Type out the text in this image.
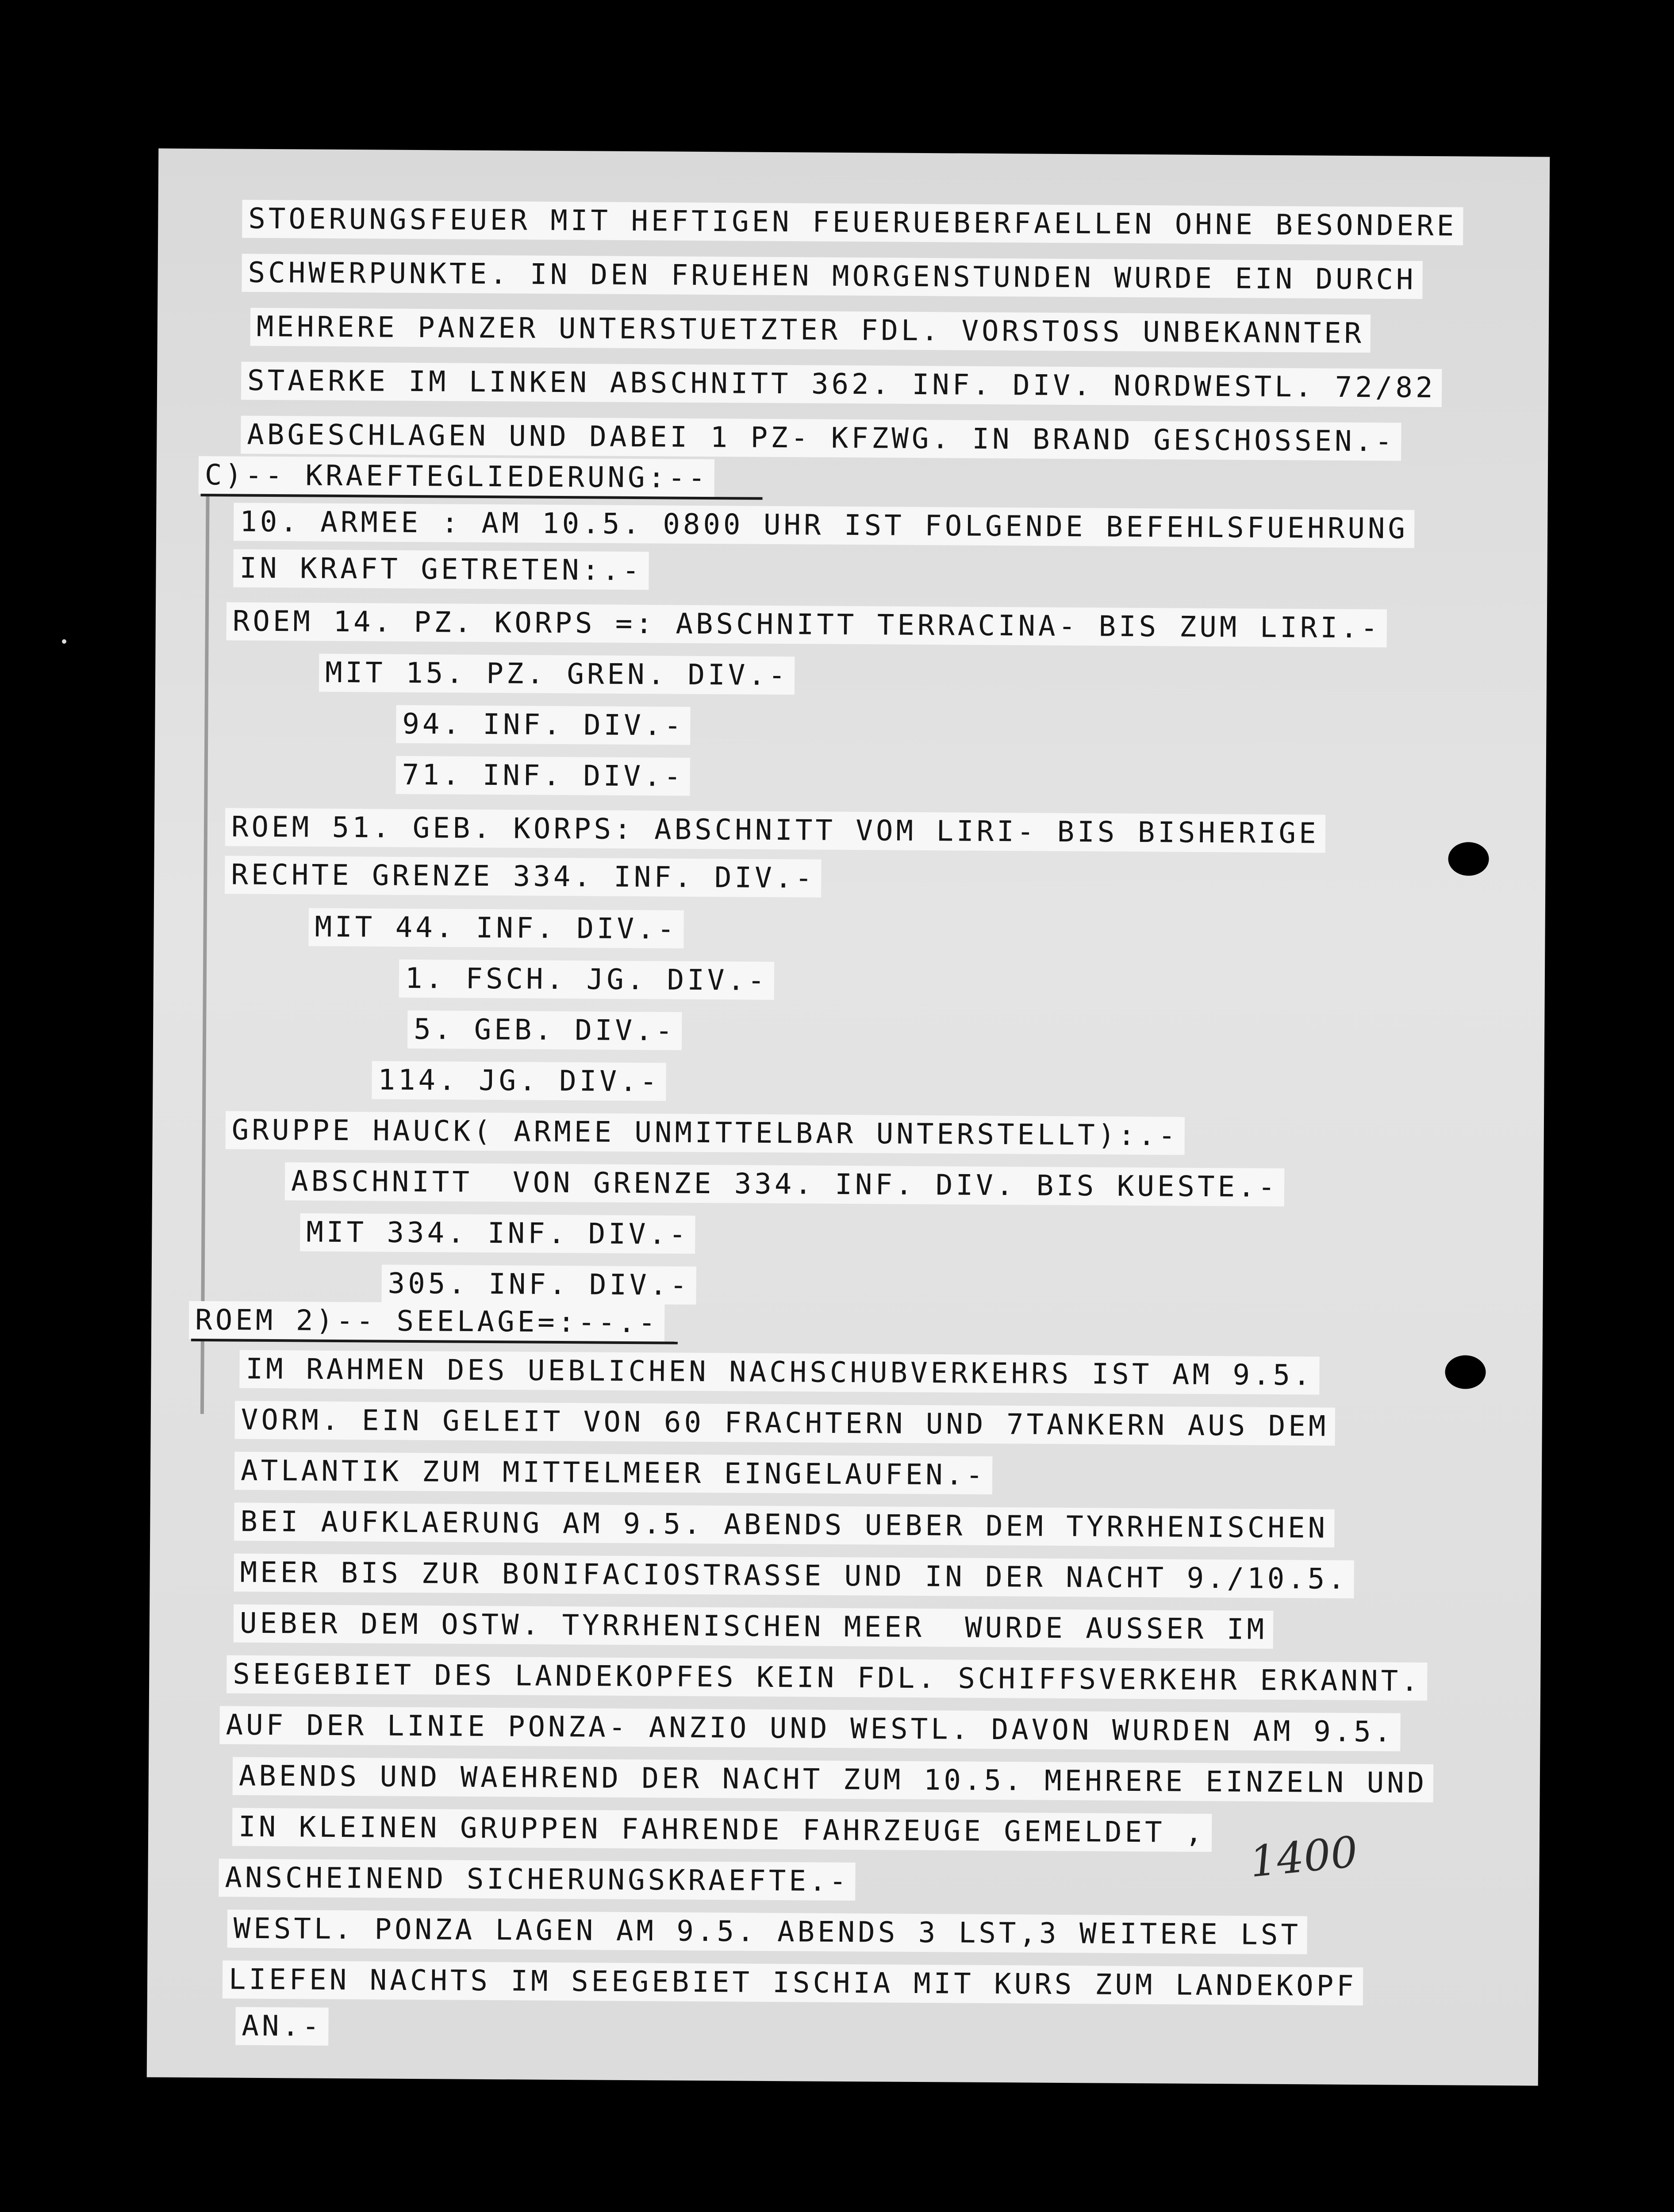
STOERUNGSFEUER MIT HEFTIGEN FEUERUEBERFAELLEN OHNE BESONDERE
SCHWERPUNKTE. IN DEN FRUEHEN MORGENSTUNDEN WURDE EIN DURCH
MEHRERE PANZER UNTERSTUETZTER FDL. VORSTOSS UNBEKANNTER
STAERKE IM LINKEN ABSCHNITT 362. INF. DIV. NORDWESTL. 72/82
ABGESCHLAGEN UND DABEI 1 PZ- KFZWG. IN BRAND GESCHOSSEN.-
C)-- KRAEFTEGLIEDERUNG:--
10. ARMEE : AM 10.5. 0800 UHR IST FOLGENDE BEFEHLSFUEHRUNG
IN KRAFT GETRETEN:.-
ROEM 14. PZ. KORPS =: ABSCHNITT TERRACINA- BIS ZUM LIRI.-
MIT 15. PZ. GREN. DIV.-
94. INF. DIV.-
71. INF. DIV.-
ROEM 51. GEB. KORPS: ABSCHNITT VOM LIRI- BIS BISHERIGE
RECHTE GRENZE 334. INF. DIV.-
MIT 44. INF. DIV.-
1. FSCH. JG. DIV.-
5. GEB. DIV.-
114. JG. DIV.-
GRUPPE HAUCK( ARMEE UNMITTELBAR UNTERSTELLT):.-
ABSCHNITT  VON GRENZE 334. INF. DIV. BIS KUESTE.-
MIT 334. INF. DIV.-
305. INF. DIV.-
ROEM 2)-- SEELAGE=:--.-
IM RAHMEN DES UEBLICHEN NACHSCHUBVERKEHRS IST AM 9.5.
VORM. EIN GELEIT VON 60 FRACHTERN UND 7TANKERN AUS DEM
ATLANTIK ZUM MITTELMEER EINGELAUFEN.-
BEI AUFKLAERUNG AM 9.5. ABENDS UEBER DEM TYRRHENISCHEN
MEER BIS ZUR BONIFACIOSTRASSE UND IN DER NACHT 9./10.5.
UEBER DEM OSTW. TYRRHENISCHEN MEER  WURDE AUSSER IM
SEEGEBIET DES LANDEKOPFES KEIN FDL. SCHIFFSVERKEHR ERKANNT.
AUF DER LINIE PONZA- ANZIO UND WESTL. DAVON WURDEN AM 9.5.
ABENDS UND WAEHREND DER NACHT ZUM 10.5. MEHRERE EINZELN UND
IN KLEINEN GRUPPEN FAHRENDE FAHRZEUGE GEMELDET ,
ANSCHEINEND SICHERUNGSKRAEFTE.-
WESTL. PONZA LAGEN AM 9.5. ABENDS 3 LST,3 WEITERE LST
LIEFEN NACHTS IM SEEGEBIET ISCHIA MIT KURS ZUM LANDEKOPF
AN.-
1400
